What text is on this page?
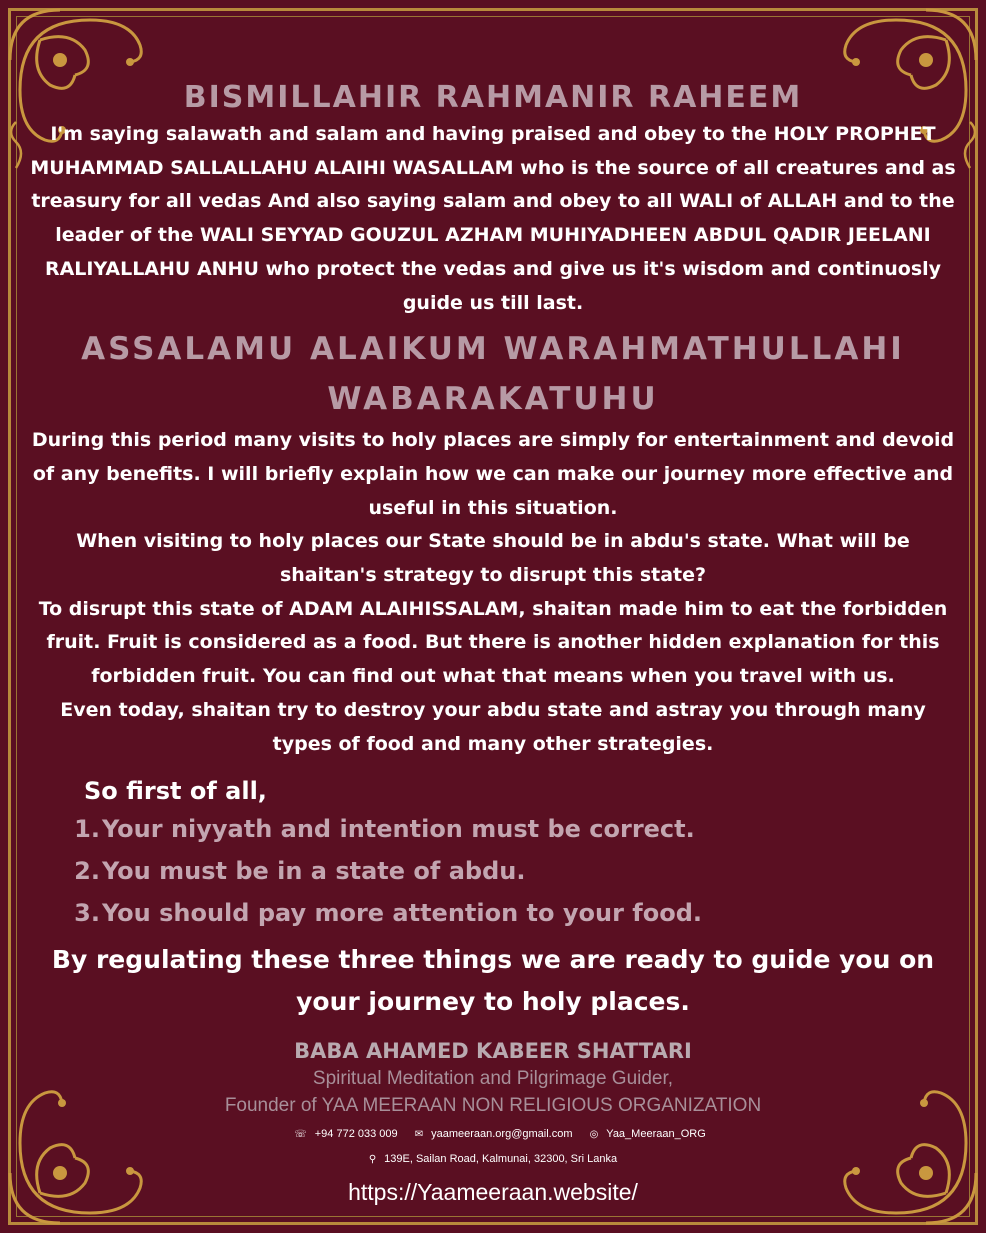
BISMILLAHIR RAHMANIR RAHEEM

I'm saying salawath and salam and having praised and obey to the HOLY PROPHET MUHAMMAD SALLALLAHU ALAIHI WASALLAM who is the source of all creatures and as treasury for all vedas And also saying salam and obey to all WALI of ALLAH and to the leader of the WALI SEYYAD GOUZUL AZHAM MUHIYADHEEN ABDUL QADIR JEELANI RALIYALLAHU ANHU who protect the vedas and give us it's wisdom and continuosly guide us till last.

ASSALAMU ALAIKUM WARAHMATHULLAHI
WABARAKATUHU

During this period many visits to holy places are simply for entertainment and devoid of any benefits. I will briefly explain how we can make our journey more effective and useful in this situation.

When visiting to holy places our State should be in abdu's state. What will be shaitan's strategy to disrupt this state?

To disrupt this state of ADAM ALAIHISSALAM, shaitan made him to eat the forbidden fruit. Fruit is considered as a food. But there is another hidden explanation for this forbidden fruit. You can find out what that means when you travel with us.

Even today, shaitan try to destroy your abdu state and astray you through many types of food and many other strategies.

So first of all,
1.Your niyyath and intention must be correct.
2.You must be in a state of abdu.
3.You should pay more attention to your food.

By regulating these three things we are ready to guide you on your journey to holy places.

BABA AHAMED KABEER SHATTARI
Spiritual Meditation and Pilgrimage Guider,
Founder of YAA MEERAAN NON RELIGIOUS ORGANIZATION
☏ +94 772 033 009 ✉ yaameeraan.org@gmail.com ◎ Yaa_Meeraan_ORG
⚲ 139E, Sailan Road, Kalmunai, 32300, Sri Lanka
https://Yaameeraan.website/
